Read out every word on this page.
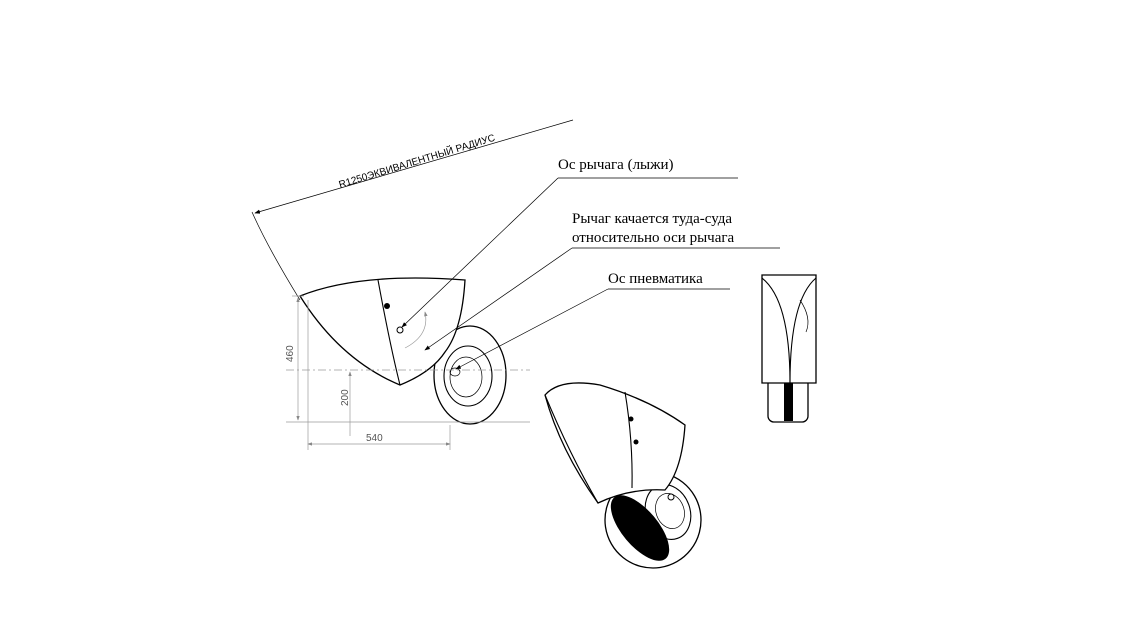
R1250ЭКВИВАЛЕНТНЫЙ РАДИУС
460
200
540
Ос рычага (лыжи)
Рычаг качается туда-суда
относительно оси рычага
Ос пневматика
